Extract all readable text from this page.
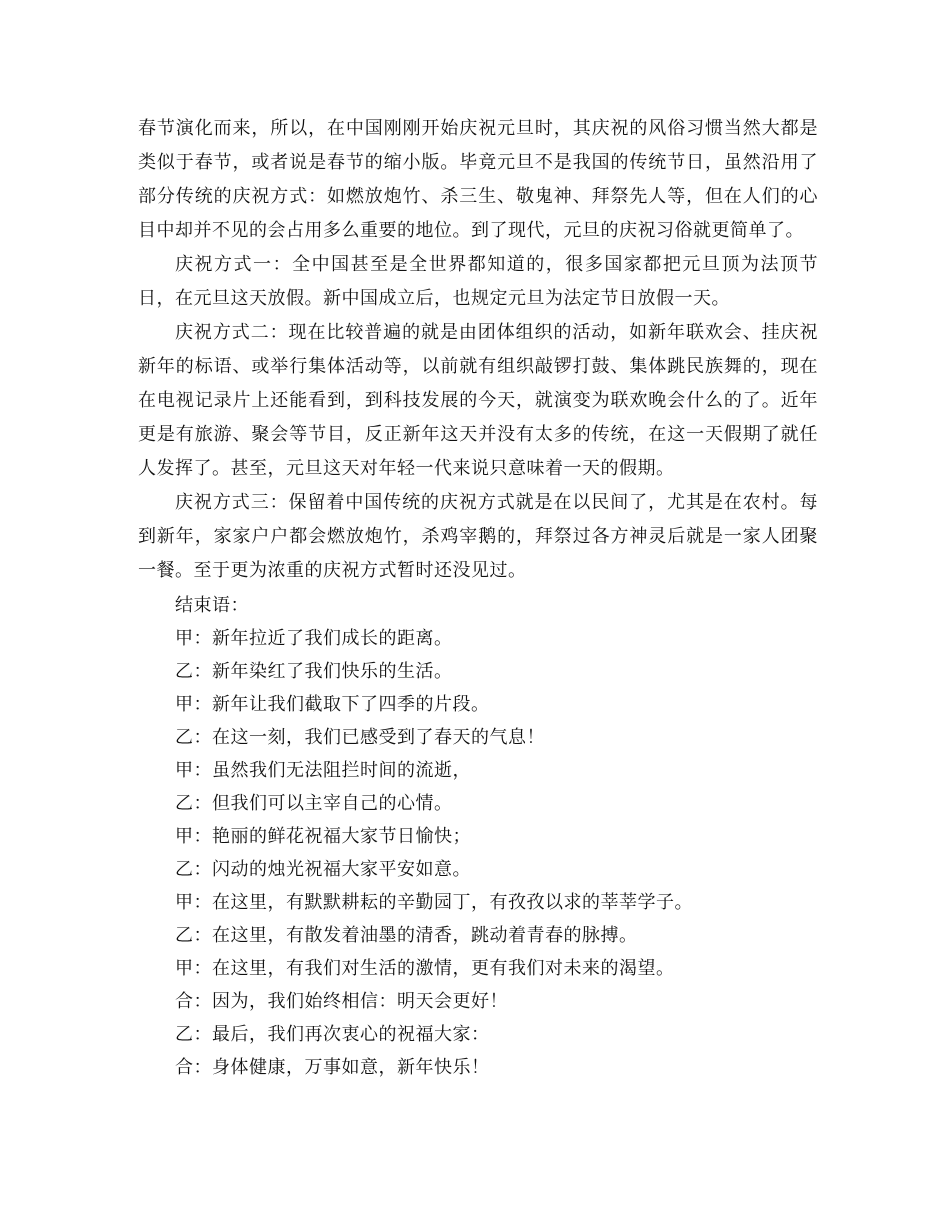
春节演化而来，所以，在中国刚刚开始庆祝元旦时，其庆祝的风俗习惯当然大都是类似于春节，或者说是春节的缩小版。毕竟元旦不是我国的传统节日，虽然沿用了部分传统的庆祝方式：如燃放炮竹、杀三生、敬鬼神、拜祭先人等，但在人们的心目中却并不见的会占用多么重要的地位。到了现代，元旦的庆祝习俗就更简单了。

庆祝方式一：全中国甚至是全世界都知道的，很多国家都把元旦顶为法顶节日，在元旦这天放假。新中国成立后，也规定元旦为法定节日放假一天。

庆祝方式二：现在比较普遍的就是由团体组织的活动，如新年联欢会、挂庆祝新年的标语、或举行集体活动等，以前就有组织敲锣打鼓、集体跳民族舞的，现在在电视记录片上还能看到，到科技发展的今天，就演变为联欢晚会什么的了。近年更是有旅游、聚会等节目，反正新年这天并没有太多的传统，在这一天假期了就任人发挥了。甚至，元旦这天对年轻一代来说只意味着一天的假期。

庆祝方式三：保留着中国传统的庆祝方式就是在以民间了，尤其是在农村。每到新年，家家户户都会燃放炮竹，杀鸡宰鹅的，拜祭过各方神灵后就是一家人团聚一餐。至于更为浓重的庆祝方式暂时还没见过。

结束语：

甲：新年拉近了我们成长的距离。

乙：新年染红了我们快乐的生活。

甲：新年让我们截取下了四季的片段。

乙：在这一刻，我们已感受到了春天的气息！

甲：虽然我们无法阻拦时间的流逝，

乙：但我们可以主宰自己的心情。

甲：艳丽的鲜花祝福大家节日愉快；

乙：闪动的烛光祝福大家平安如意。

甲：在这里，有默默耕耘的辛勤园丁，有孜孜以求的莘莘学子。

乙：在这里，有散发着油墨的清香，跳动着青春的脉搏。

甲：在这里，有我们对生活的激情，更有我们对未来的渴望。

合：因为，我们始终相信：明天会更好！

乙：最后，我们再次衷心的祝福大家：

合：身体健康，万事如意，新年快乐！
